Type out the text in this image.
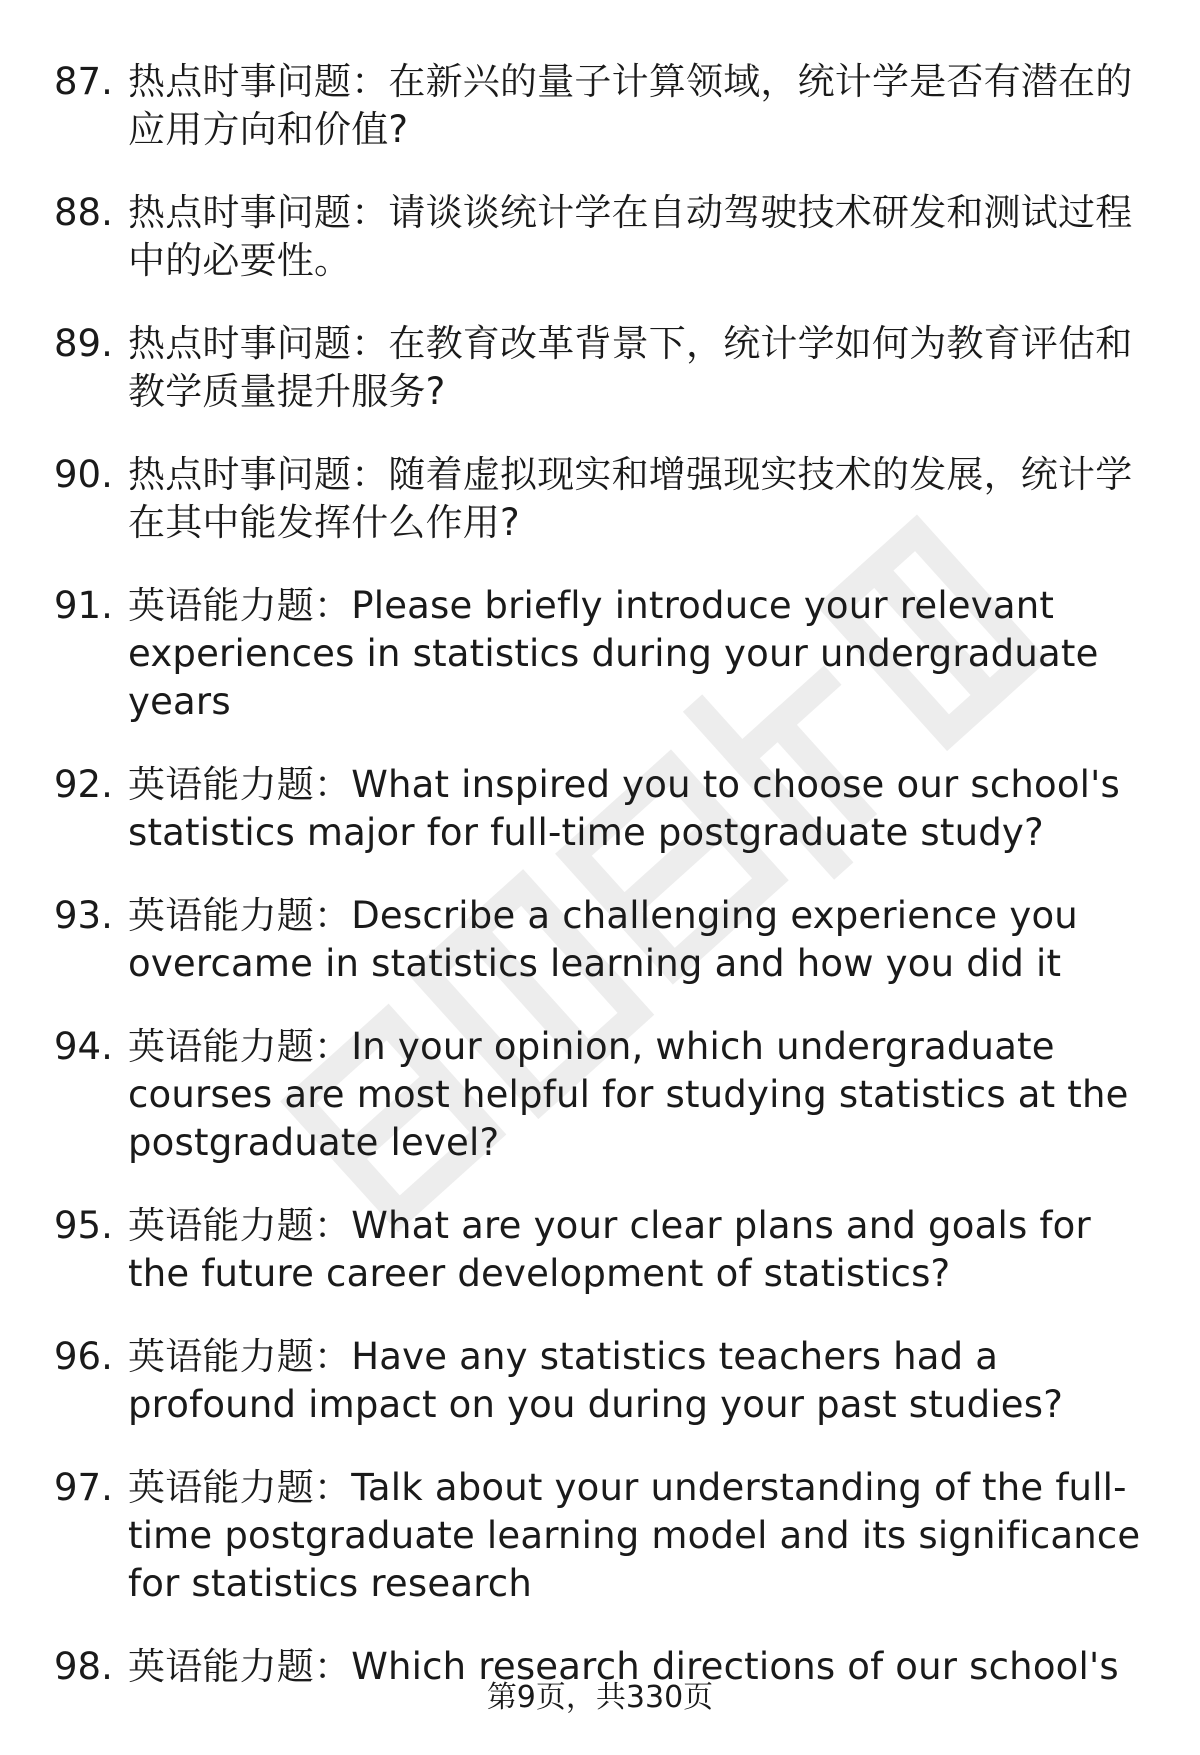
87. 热点时事问题：在新兴的量子计算领域，统计学是否有潜在的应用方向和价值?
88. 热点时事问题：请谈谈统计学在自动驾驶技术研发和测试过程中的必要性。
89. 热点时事问题：在教育改革背景下，统计学如何为教育评估和教学质量提升服务?
90. 热点时事问题：随着虚拟现实和增强现实技术的发展，统计学在其中能发挥什么作用?
91. 英语能力题：Please briefly introduce your relevant experiences in statistics during your undergraduate years
92. 英语能力题：What inspired you to choose our school's statistics major for full-time postgraduate study?
93. 英语能力题：Describe a challenging experience you overcame in statistics learning and how you did it
94. 英语能力题：In your opinion, which undergraduate courses are most helpful for studying statistics at the postgraduate level?
95. 英语能力题：What are your clear plans and goals for the future career development of statistics?
96. 英语能力题：Have any statistics teachers had a profound impact on you during your past studies?
97. 英语能力题：Talk about your understanding of the full-time postgraduate learning model and its significance for statistics research
98. 英语能力题：Which research directions of our school's
第9页，共330页
